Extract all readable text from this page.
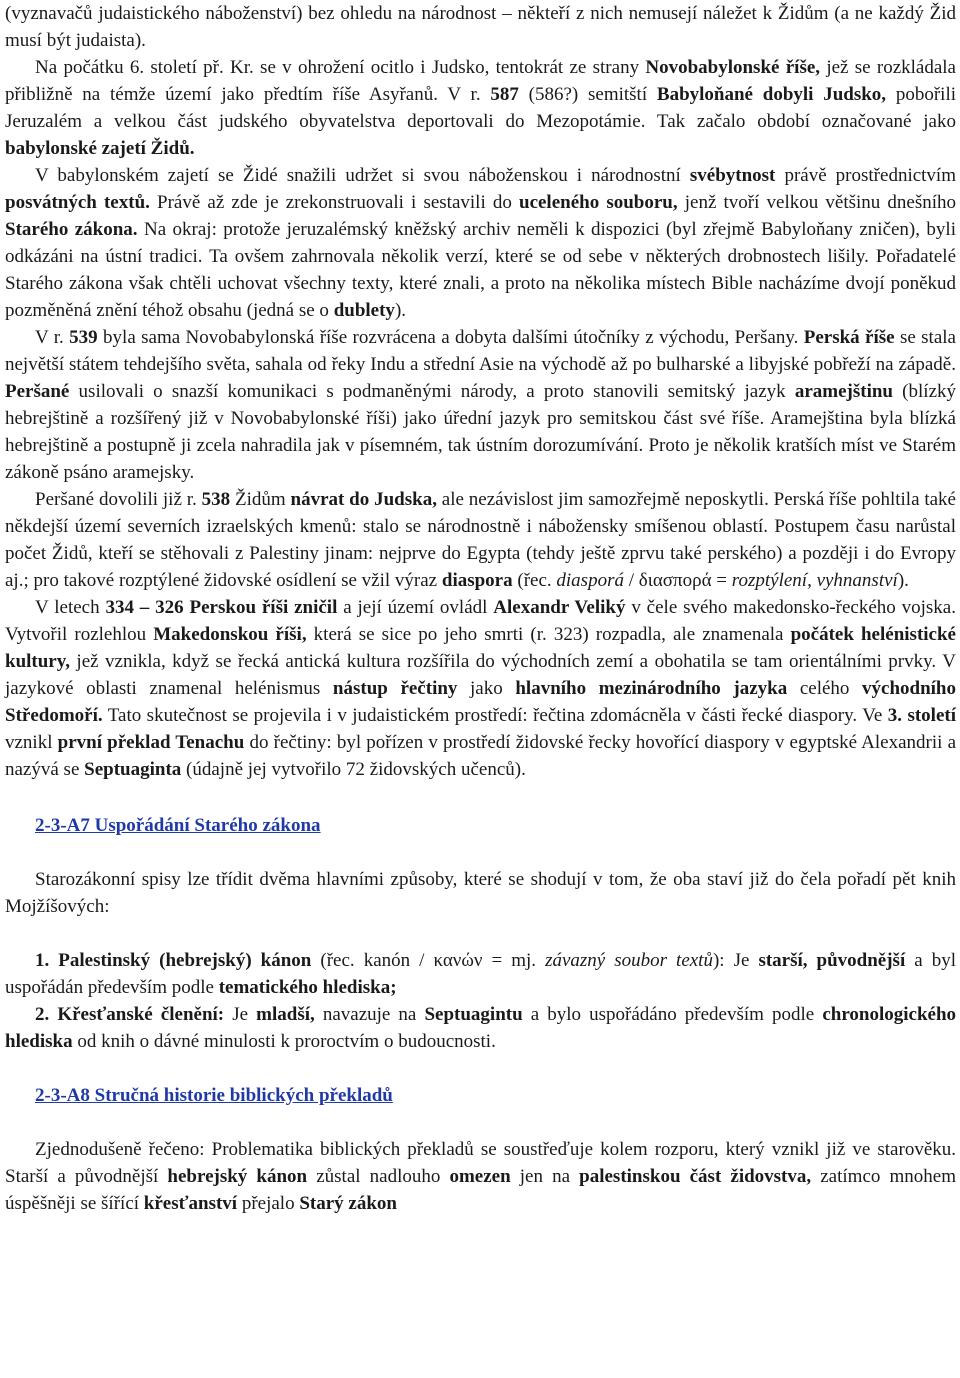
(vyznavačů judaistického náboženství) bez ohledu na národnost – někteří z nich nemusejí náležet k Židům (a ne každý Žid musí být judaista).

Na počátku 6. století př. Kr. se v ohrožení ocitlo i Judsko, tentokrát ze strany Novobabylonské říše, jež se rozkládala přibližně na témže území jako předtím říše Asyřanů. V r. 587 (586?) semitští Babyloňané dobyli Judsko, pobořili Jeruzalém a velkou část judského obyvatelstva deportovali do Mezopotámie. Tak začalo období označované jako babylonské zajetí Židů.

V babylonském zajetí se Židé snažili udržet si svou náboženskou i národnostní svébytnost právě prostřednictvím posvátných textů. Právě až zde je zrekonstruovali i sestavili do uceleného souboru, jenž tvoří velkou většinu dnešního Starého zákona. Na okraj: protože jeruzalémský kněžský archiv neměli k dispozici (byl zřejmě Babyloňany zničen), byli odkázáni na ústní tradici. Ta ovšem zahrnovala několik verzí, které se od sebe v některých drobnostech lišily. Pořadatelé Starého zákona však chtěli uchovat všechny texty, které znali, a proto na několika místech Bible nacházíme dvojí poněkud pozměněná znění téhož obsahu (jedná se o dublety).

V r. 539 byla sama Novobabylonská říše rozvrácena a dobyta dalšími útočníky z východu, Peršany. Perská říše se stala největší státem tehdejšího světa, sahala od řeky Indu a střední Asie na východě až po bulharské a libyjské pobřeží na západě. Peršané usilovali o snazší komunikaci s podmaněnými národy, a proto stanovili semitský jazyk aramejštinu (blízký hebrejštině a rozšířený již v Novobabylonské říši) jako úřední jazyk pro semitskou část své říše. Aramejština byla blízká hebrejštině a postupně ji zcela nahradila jak v písemném, tak ústním dorozumívání. Proto je několik kratších míst ve Starém zákoně psáno aramejsky.

Peršané dovolili již r. 538 Židům návrat do Judska, ale nezávislost jim samozřejmě neposkytli. Perská říše pohltila také někdejší území severních izraelských kmenů: stalo se národnostně i nábožensky smíšenou oblastí. Postupem času narůstal počet Židů, kteří se stěhovali z Palestiny jinam: nejprve do Egypta (tehdy ještě zprvu také perského) a později i do Evropy aj.; pro takové rozptýlené židovské osídlení se vžil výraz diaspora (řec. diasporá / διασπορά = rozptýlení, vyhnanství).

V letech 334 – 326 Perskou říši zničil a její území ovládl Alexandr Veliký v čele svého makedonsko-řeckého vojska. Vytvořil rozlehlou Makedonskou říši, která se sice po jeho smrti (r. 323) rozpadla, ale znamenala počátek helénistické kultury, jež vznikla, když se řecká antická kultura rozšířila do východních zemí a obohatila se tam orientálními prvky. V jazykové oblasti znamenal helénismus nástup řečtiny jako hlavního mezinárodního jazyka celého východního Středomoří. Tato skutečnost se projevila i v judaistickém prostředí: řečtina zdomácněla v části řecké diaspory. Ve 3. století vznikl první překlad Tenachu do řečtiny: byl pořízen v prostředí židovské řecky hovořící diaspory v egyptské Alexandrii a nazývá se Septuaginta (údajně jej vytvořilo 72 židovských učenců).

2-3-A7 Uspořádání Starého zákona

Starozákonní spisy lze třídit dvěma hlavními způsoby, které se shodují v tom, že oba staví již do čela pořadí pět knih Mojžíšových:

1. Palestinský (hebrejský) kánon (řec. kanón / κανών = mj. závazný soubor textů): Je starší, původnější a byl uspořádán především podle tematického hlediska;

2. Křesťanské členění: Je mladší, navazuje na Septuagintu a bylo uspořádáno především podle chronologického hlediska od knih o dávné minulosti k proroctvím o budoucnosti.

2-3-A8 Stručná historie biblických překladů

Zjednodušeně řečeno: Problematika biblických překladů se soustřeďuje kolem rozporu, který vznikl již ve starověku. Starší a původnější hebrejský kánon zůstal nadlouho omezen jen na palestinskou část židovstva, zatímco mnohem úspěšněji se šířící křesťanství přejalo Starý zákon
